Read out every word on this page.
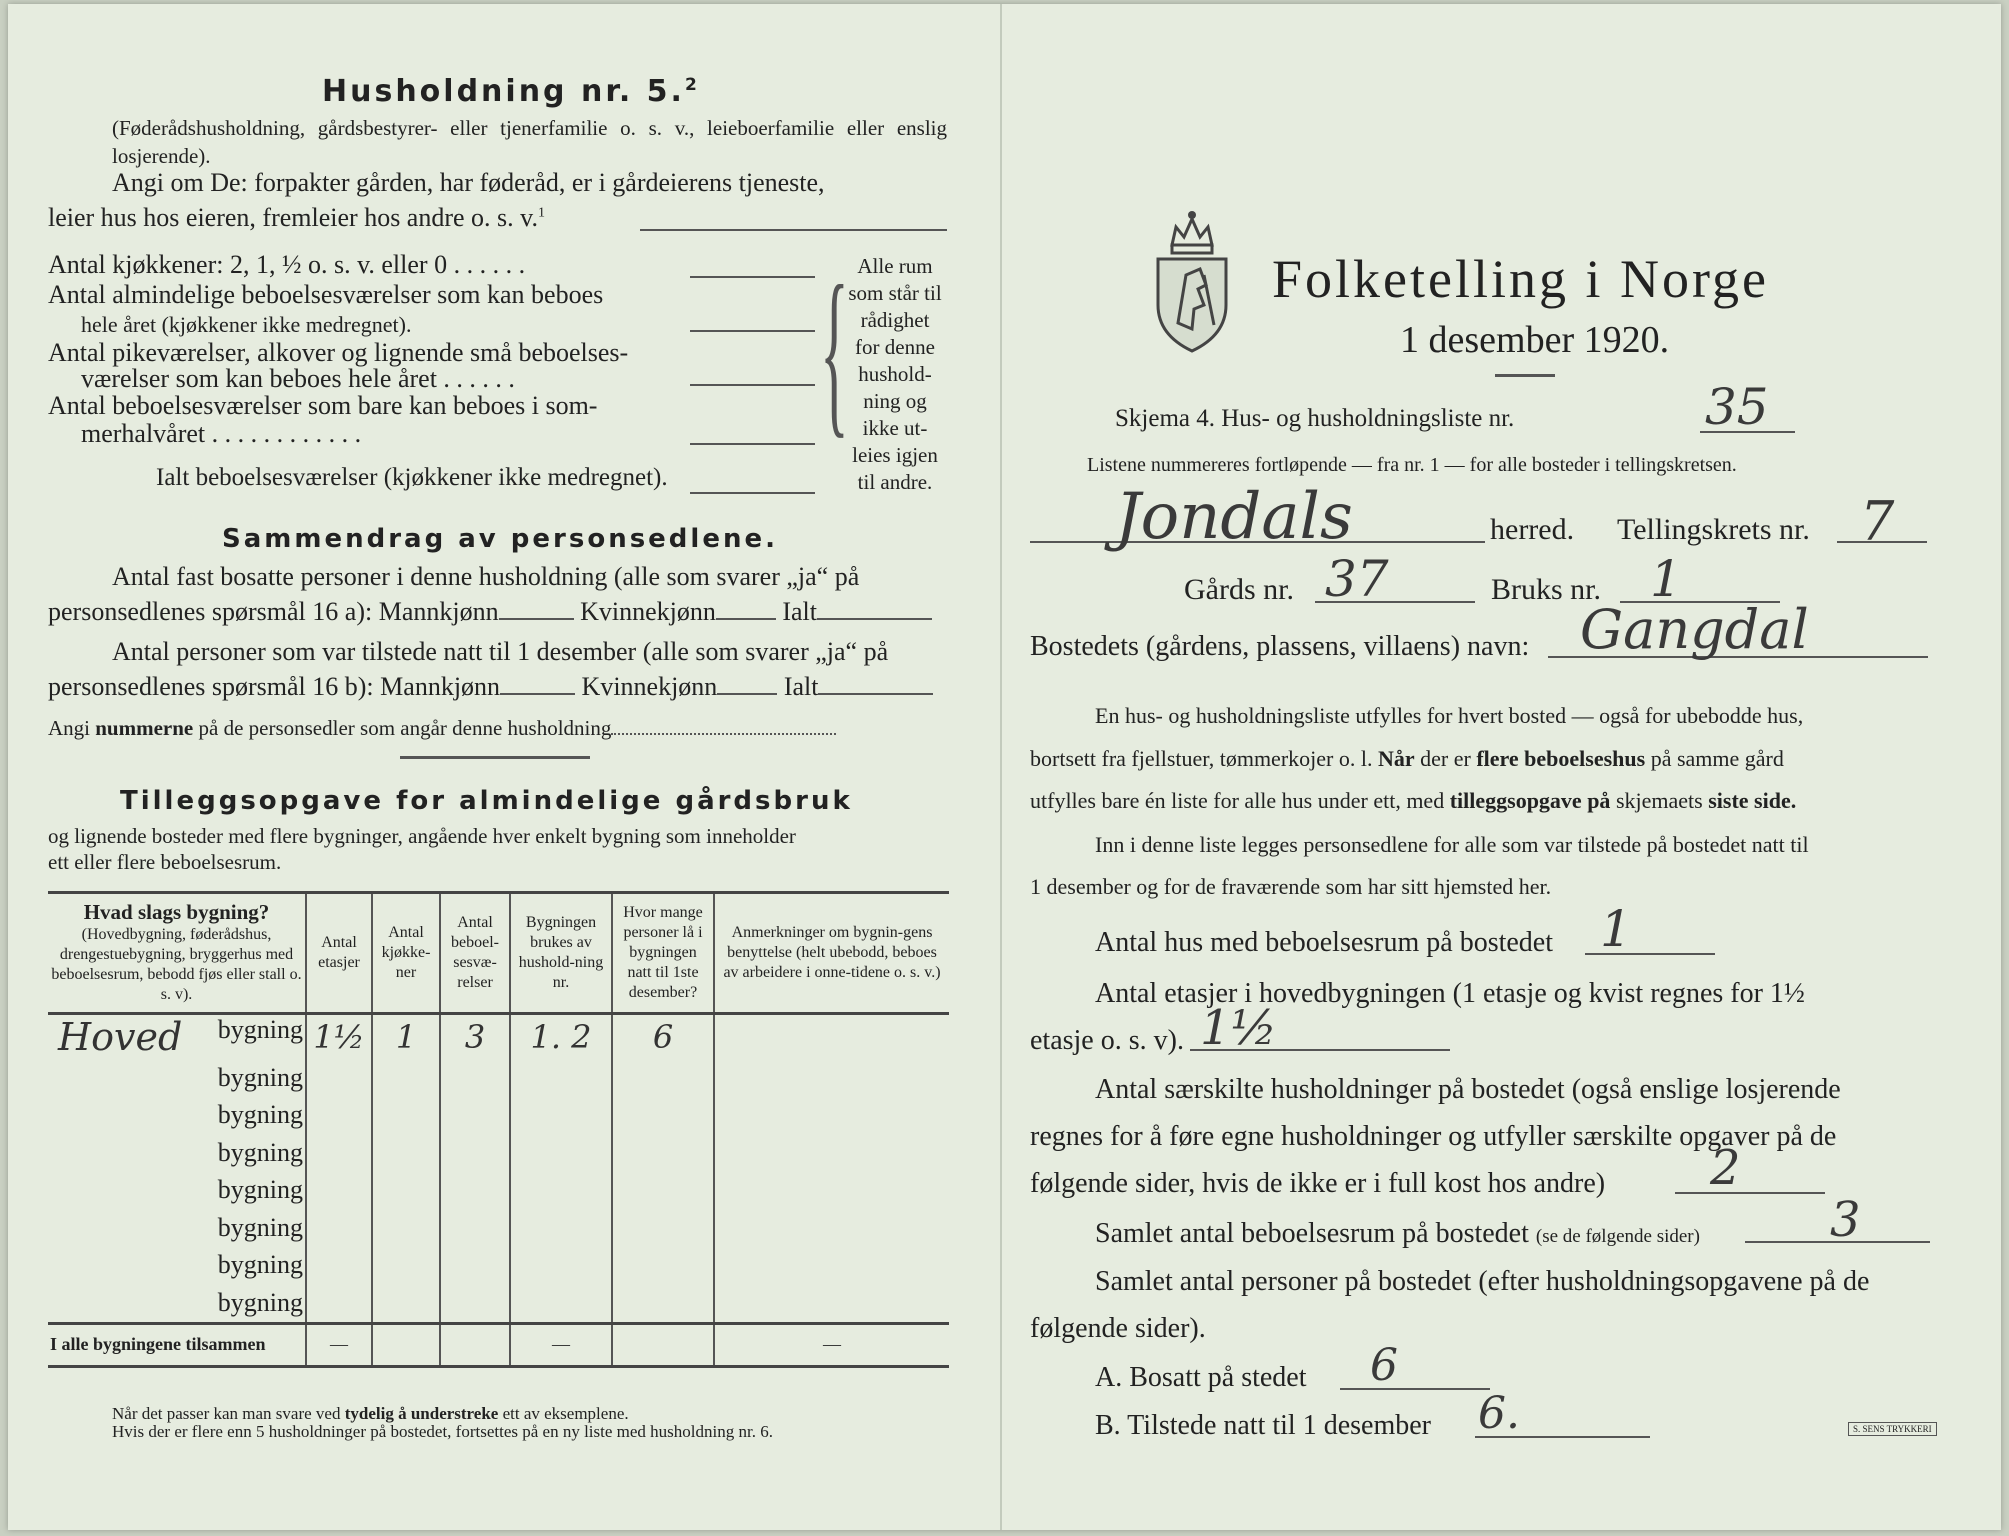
Husholdning nr. 5.$^2$
(Føderådshusholdning, gårdsbestyrer- eller tjenerfamilie o. s. v., leieboerfamilie eller enslig losjerende).
Angi om De: forpakter gården, har føderåd, er i gårdeierens tjeneste,
leier hus hos eieren, fremleier hos andre o. s. v.$^1$
Antal kjøkkener: 2, 1, ½ o. s. v. eller 0 . . . . . .
Antal almindelige beboelsesværelser som kan beboes
hele året (kjøkkener ikke medregnet).
Antal pikeværelser, alkover og lignende små beboelses-
værelser som kan beboes hele året . . . . . .
Antal beboelsesværelser som bare kan beboes i som-
merhalvåret . . . . . . . . . . . .
Ialt beboelsesværelser (kjøkkener ikke medregnet).
{ Alle rum
som står til
rådighet
for denne
hushold-
ning og
ikke ut-
leies igjen
til andre.
Sammendrag av personsedlene.
Antal fast bosatte personer i denne husholdning (alle som svarer „ja“ på
personsedlenes spørsmål 16 a): Mannkjønn	Kvinnekjønn	Ialt
Antal personer som var tilstede natt til 1 desember (alle som svarer „ja“ på
personsedlenes spørsmål 16 b): Mannkjønn	Kvinnekjønn	Ialt
Angi nummerne på de personsedler som angår denne husholdning
Tilleggsopgave for almindelige gårdsbruk
og lignende bosteder med flere bygninger, angående hver enkelt bygning som inneholder
ett eller flere beboelsesrum.
Hvad slags bygning?
(Hovedbygning, føderådshus, drengestuebygning, bryggerhus med beboelsesrum, bebodd fjøs eller stall o. s. v).	Antal etasjer	Antal kjøkke-ner	Antal beboel-sesvæ-relser	Bygningen brukes av hushold-ning nr.	Hvor mange personer lå i bygningen natt til 1ste desember?	Anmerkninger om bygnin-gens benyttelse (helt ubebodd, beboes av arbeidere i onne-tidene o. s. v.)

Hoved bygning	1½	1	3	1. 2	6	
bygning						
bygning						
bygning						
bygning						
bygning						
bygning						
bygning						
I alle bygningene tilsammen	—			—		—
Når det passer kan man svare ved tydelig å understreke ett av eksemplene.
Hvis der er flere enn 5 husholdninger på bostedet, fortsettes på en ny liste med husholdning nr. 6.
Folketelling i Norge
1 desember 1920.
Skjema 4. Hus- og husholdningsliste nr.	35
Listene nummereres fortløpende — fra nr. 1 — for alle bosteder i tellingskretsen.
Jondals	herred. Tellingskrets nr. 7
Gårds nr. 37	Bruks nr. 1
Bostedets (gårdens, plassens, villaens) navn: Gangdal
En hus- og husholdningsliste utfylles for hvert bosted — også for ubebodde hus,
bortsett fra fjellstuer, tømmerkojer o. l. Når der er flere beboelseshus på samme gård
utfylles bare én liste for alle hus under ett, med tilleggsopgave på skjemaets siste side.
Inn i denne liste legges personsedlene for alle som var tilstede på bostedet natt til
1 desember og for de fraværende som har sitt hjemsted her.
Antal hus med beboelsesrum på bostedet 1
Antal etasjer i hovedbygningen (1 etasje og kvist regnes for 1½
etasje o. s. v). 1½
Antal særskilte husholdninger på bostedet (også enslige losjerende
regnes for å føre egne husholdninger og utfyller særskilte opgaver på de
følgende sider, hvis de ikke er i full kost hos andre) 2
Samlet antal beboelsesrum på bostedet (se de følgende sider)	3
Samlet antal personer på bostedet (efter husholdningsopgavene på de
følgende sider).
A. Bosatt på stedet 6
B. Tilstede natt til 1 desember 6.	S. SENS TRYKKERI
